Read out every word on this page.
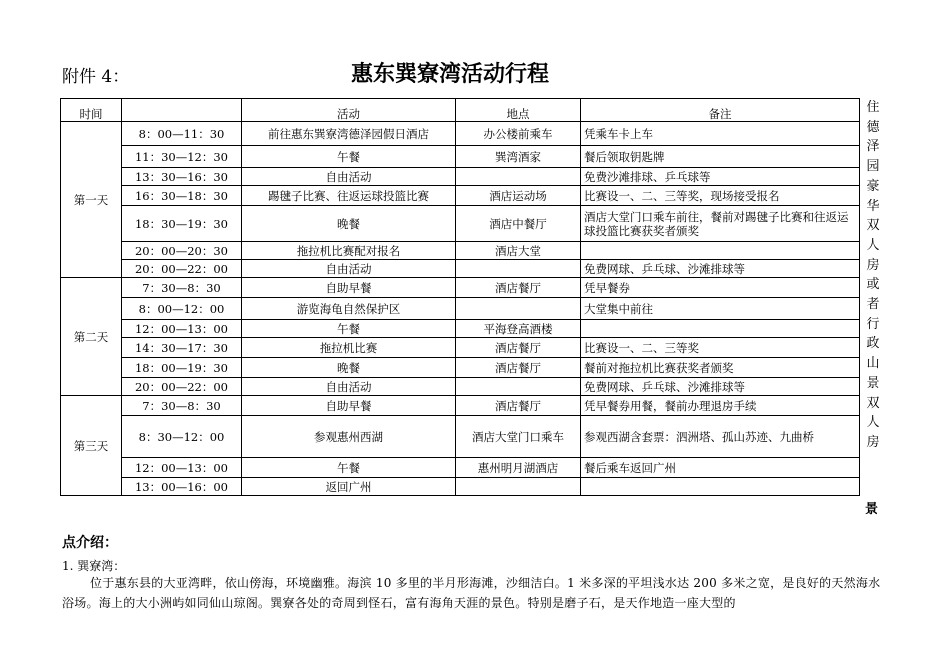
附件 4：	惠东巽寮湾活动行程
时间		活动	地点	备注
第一天	8：00—11：30	前往惠东巽寮湾德泽园假日酒店	办公楼前乘车	凭乘车卡上车
	11：30—12：30	午餐	巽湾酒家	餐后领取钥匙牌
	13：30—16：30	自由活动		免费沙滩排球、乒乓球等
	16：30—18：30	踢毽子比赛、往返运球投篮比赛	酒店运动场	比赛设一、二、三等奖，现场接受报名
	18：30—19：30	晚餐	酒店中餐厅	酒店大堂门口乘车前往，餐前对踢毽子比赛和往返运球投篮比赛获奖者颁奖
	20：00—20：30	拖拉机比赛配对报名	酒店大堂	
	20：00—22：00	自由活动		免费网球、乒乓球、沙滩排球等
第二天	7：30—8：30	自助早餐	酒店餐厅	凭早餐券
	8：00—12：00	游览海龟自然保护区		大堂集中前往
	12：00—13：00	午餐	平海登高酒楼	
	14：30—17：30	拖拉机比赛	酒店餐厅	比赛设一、二、三等奖
	18：00—19：30	晚餐	酒店餐厅	餐前对拖拉机比赛获奖者颁奖
	20：00—22：00	自由活动		免费网球、乒乓球、沙滩排球等
第三天	7：30—8：30	自助早餐	酒店餐厅	凭早餐券用餐，餐前办理退房手续
	8：30—12：00	参观惠州西湖	酒店大堂门口乘车	参观西湖含套票：泗洲塔、孤山苏迹、九曲桥
	12：00—13：00	午餐	惠州明月湖酒店	餐后乘车返回广州
	13：00—16：00	返回广州		
住
德
泽
园
豪
华
双
人
房
或
者
行
政
山
景
双
人
房
景
点介绍：
1. 巽寮湾：
位于惠东县的大亚湾畔，依山傍海，环境幽雅。海滨 10 多里的半月形海滩，沙细洁白。1 米多深的平坦浅水达 200 多米之宽，是良好的天然海水浴场。海上的大小洲屿如同仙山琼阁。巽寮各处的奇周到怪石，富有海角天涯的景色。特别是磨子石，是天作地造一座大型的
